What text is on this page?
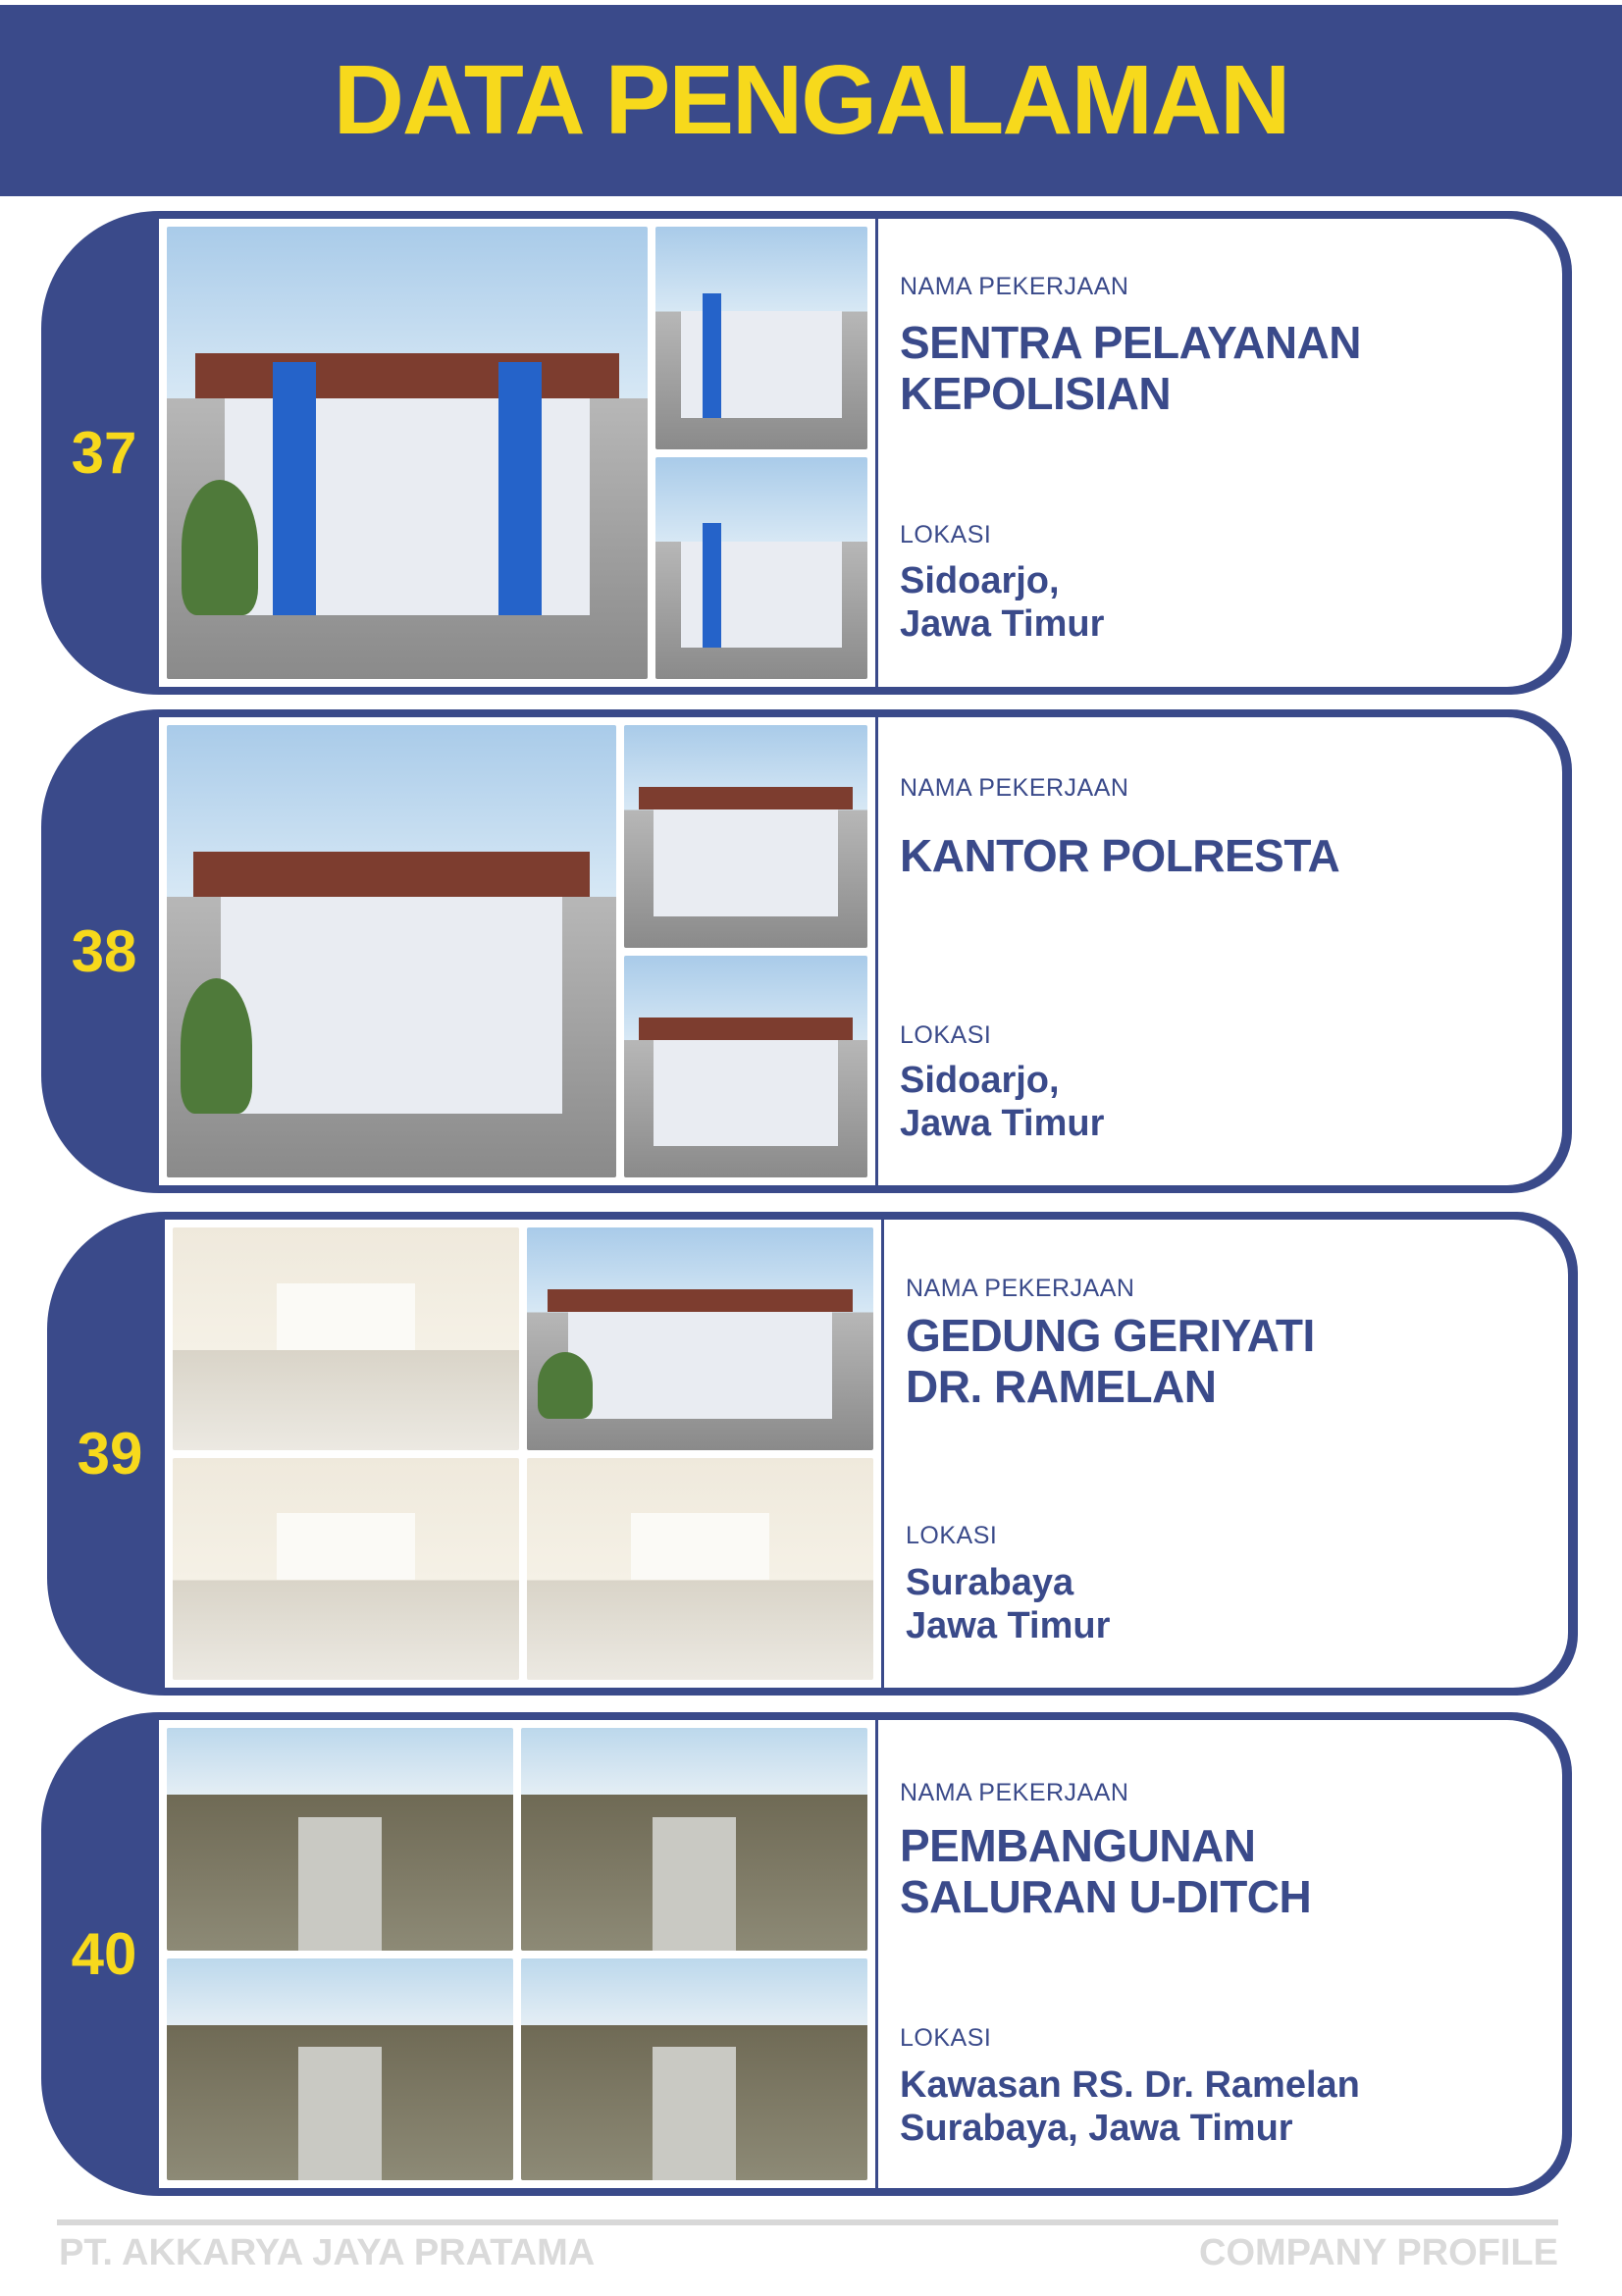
DATA PENGALAMAN
37
NAMA PEKERJAAN
SENTRA PELAYANAN
KEPOLISIAN
LOKASI
Sidoarjo,
Jawa Timur
38
NAMA PEKERJAAN
KANTOR POLRESTA
LOKASI
Sidoarjo,
Jawa Timur
39
NAMA PEKERJAAN
GEDUNG GERIYATI
DR. RAMELAN
LOKASI
Surabaya
Jawa Timur
40
NAMA PEKERJAAN
PEMBANGUNAN
SALURAN U-DITCH
LOKASI
Kawasan RS. Dr. Ramelan
Surabaya, Jawa Timur
PT. AKKARYA JAYA PRATAMA	COMPANY PROFILE
